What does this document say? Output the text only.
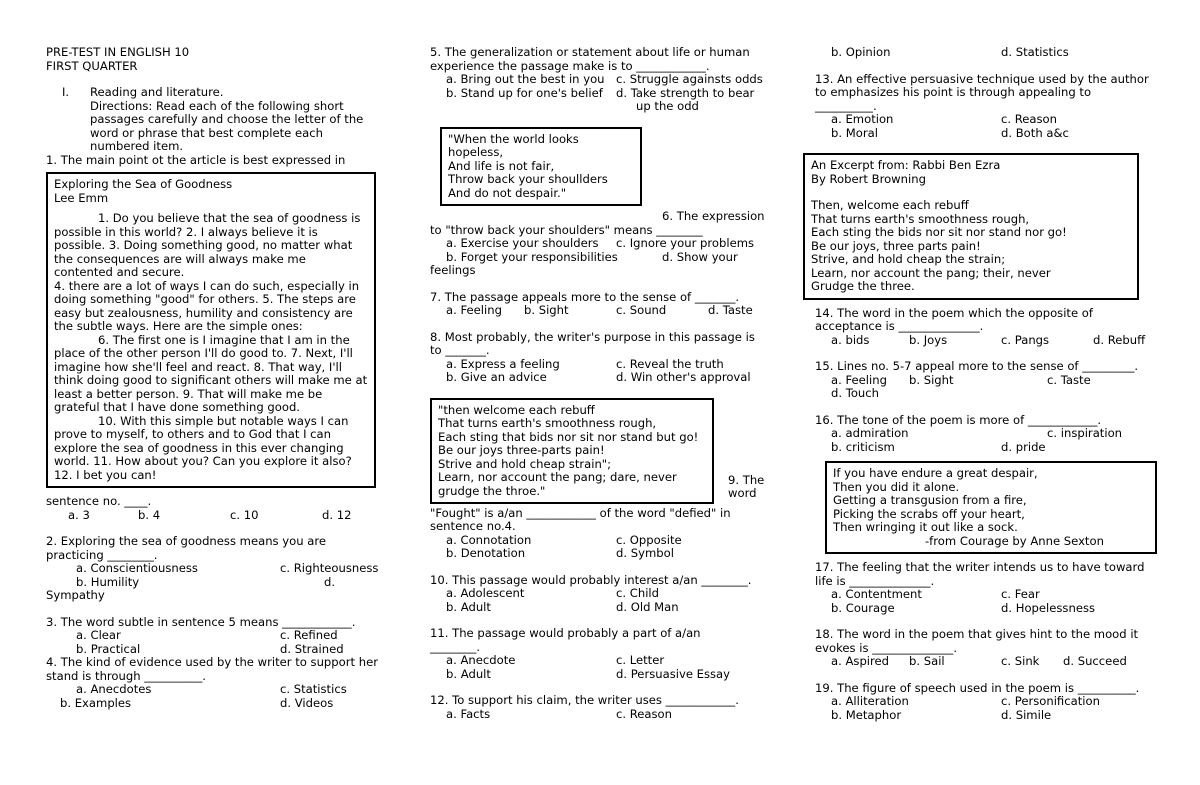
PRE-TEST IN ENGLISH 10
FIRST QUARTER
I. Reading and literature.
Directions: Read each of the following short passages carefully and choose the letter of the word or phrase that best complete each numbered item.
1. The main point ot the article is best expressed in
Exploring the Sea of Goodness
Lee Emm
1. Do you believe that the sea of goodness is possible in this world? 2. I always believe it is possible. 3. Doing something good, no matter what the consequences are will always make me contented and secure.
4. there are a lot of ways I can do such, especially in doing something "good" for others. 5. The steps are easy but zealousness, humility and consistency are the subtle ways. Here are the simple ones:
6. The first one is I imagine that I am in the place of the other person I'll do good to. 7. Next, I'll imagine how she'll feel and react. 8. That way, I'll think doing good to significant others will make me at least a better person. 9. That will make me be grateful that I have done something good.
10. With this simple but notable ways I can prove to myself, to others and to God that I can explore the sea of goodness in this ever changing world. 11. How about you? Can you explore it also? 12. I bet you can!
sentence no. ____.
a. 3	b. 4	c. 10	d. 12
2. Exploring the sea of goodness means you are practicing ________.
a. Conscientiousness	c. Righteousness
b. Humility	d.
Sympathy
3. The word subtle in sentence 5 means ____________.
a. Clear	c. Refined
b. Practical	d. Strained
4. The kind of evidence used by the writer to support her stand is through __________.
a. Anecdotes	c. Statistics
b. Examples	d. Videos
5. The generalization or statement about life or human experience the passage make is to ____________.
a. Bring out the best in you c. Struggle againsts odds
b. Stand up for one's belief d. Take strength to bear
up the odd
"When the world looks
hopeless,
And life is not fair,
Throw back your shoullders
And do not despair."
6. The expression
to "throw back your shoulders" means ________
a. Exercise your shoulders c. Ignore your problems
b. Forget your responsibilities	d. Show your
feelings
7. The passage appeals more to the sense of _______.
a. Feeling b. Sight	c. Sound	d. Taste
8. Most probably, the writer's purpose in this passage is to _______.
a. Express a feeling	c. Reveal the truth
b. Give an advice	d. Win other's approval
"then welcome each rebuff
That turns earth's smoothness rough,
Each sting that bids nor sit nor stand but go!
Be our joys three-parts pain!
Strive and hold cheap strain";
Learn, nor account the pang; dare, never
grudge the throe."
9. The
word
"Fought" is a/an ____________ of the word "defied" in sentence no.4.
a. Connotation	c. Opposite
b. Denotation	d. Symbol
10. This passage would probably interest a/an ________.
a. Adolescent	c. Child
b. Adult	d. Old Man
11. The passage would probably a part of a/an ________.
a. Anecdote	c. Letter
b. Adult	d. Persuasive Essay
12. To support his claim, the writer uses ____________.
a. Facts	c. Reason
b. Opinion	d. Statistics
13. An effective persuasive technique used by the author to emphasizes his point is through appealing to __________.
a. Emotion	c. Reason
b. Moral	d. Both a&c
An Excerpt from: Rabbi Ben Ezra
By Robert Browning
Then, welcome each rebuff
That turns earth's smoothness rough,
Each sting the bids nor sit nor stand nor go!
Be our joys, three parts pain!
Strive, and hold cheap the strain;
Learn, nor account the pang; their, never
Grudge the three.
14. The word in the poem which the opposite of acceptance is ______________.
a. bids	b. Joys	c. Pangs	d. Rebuff
15. Lines no. 5-7 appeal more to the sense of _________.
a. Feeling b. Sight	c. Taste
d. Touch
16. The tone of the poem is more of ____________.
a. admiration	c. inspiration
b. criticism	d. pride
If you have endure a great despair,
Then you did it alone.
Getting a transgusion from a fire,
Picking the scrabs off your heart,
Then wringing it out like a sock.
-from Courage by Anne Sexton
17. The feeling that the writer intends us to have toward life is ______________.
a. Contentment	c. Fear
b. Courage	d. Hopelessness
18. The word in the poem that gives hint to the mood it evokes is ______________.
a. Aspired b. Sail	c. Sink d. Succeed
19. The figure of speech used in the poem is __________.
a. Alliteration	c. Personification
b. Metaphor	d. Simile
